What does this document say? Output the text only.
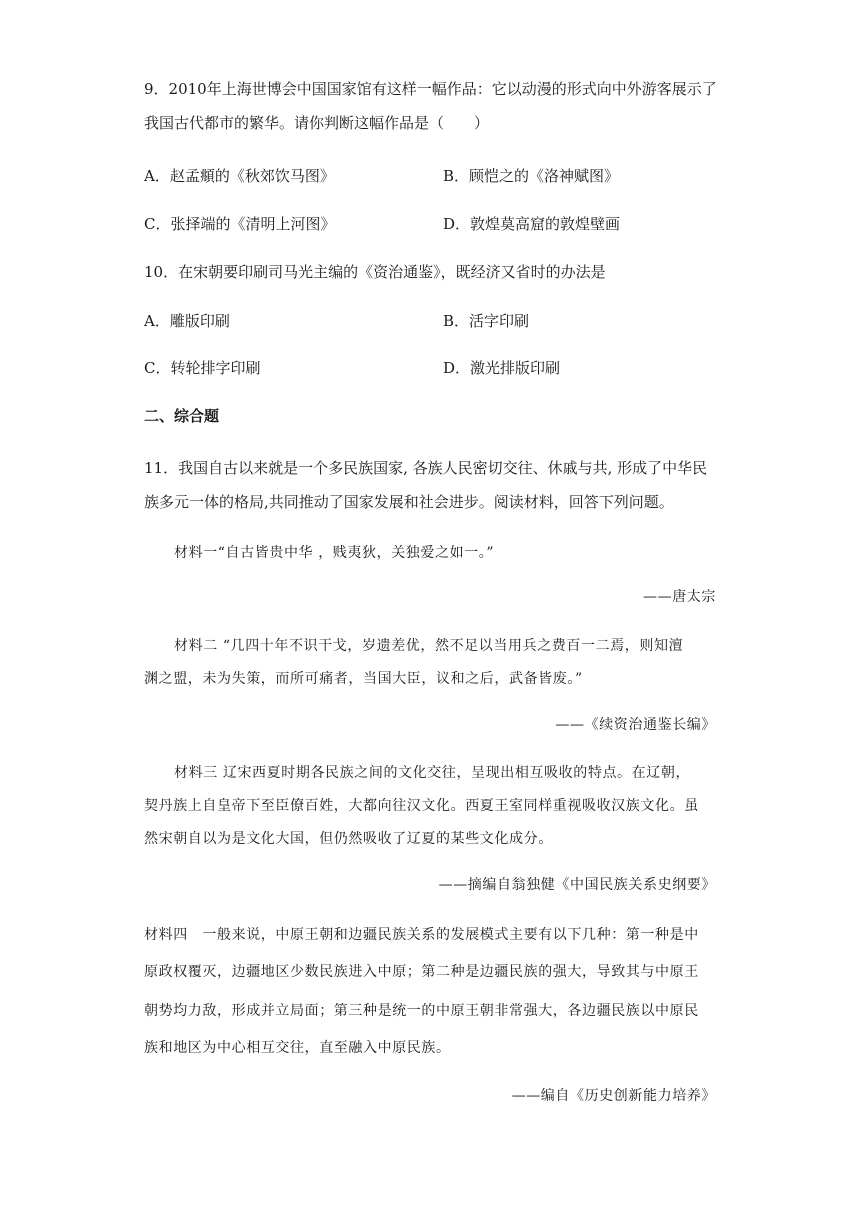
9．2010年上海世博会中国国家馆有这样一幅作品：它以动漫的形式向中外游客展示了
我国古代都市的繁华。请你判断这幅作品是（　　）
A．赵孟頫的《秋郊饮马图》	B．顾恺之的《洛神赋图》
C．张择端的《清明上河图》	D．敦煌莫高窟的敦煌壁画
10．在宋朝要印刷司马光主编的《资治通鉴》，既经济又省时的办法是
A．雕版印刷	B．活字印刷
C．转轮排字印刷	D．激光排版印刷
二、综合题
11．我国自古以来就是一个多民族国家, 各族人民密切交往、休戚与共, 形成了中华民
族多元一体的格局,共同推动了国家发展和社会进步。阅读材料，回答下列问题。
材料一“自古皆贵中华 ，贱夷狄，关独爱之如一。”
——唐太宗
材料二 “几四十年不识干戈，岁遗差优，然不足以当用兵之费百一二焉，则知澶
渊之盟，未为失策，而所可痛者，当国大臣，议和之后，武备皆废。”
——《续资治通鉴长编》
材料三 辽宋西夏时期各民族之间的文化交往，呈现出相互吸收的特点。在辽朝，
契丹族上自皇帝下至臣僚百姓，大都向往汉文化。西夏王室同样重视吸收汉族文化。虽
然宋朝自以为是文化大国，但仍然吸收了辽夏的某些文化成分。
——摘编自翁独健《中国民族关系史纲要》
材料四　一般来说，中原王朝和边疆民族关系的发展模式主要有以下几种：第一种是中
原政权覆灭，边疆地区少数民族进入中原；第二种是边疆民族的强大，导致其与中原王
朝势均力敌，形成并立局面；第三种是统一的中原王朝非常强大，各边疆民族以中原民
族和地区为中心相互交往，直至融入中原民族。
——编自《历史创新能力培养》
